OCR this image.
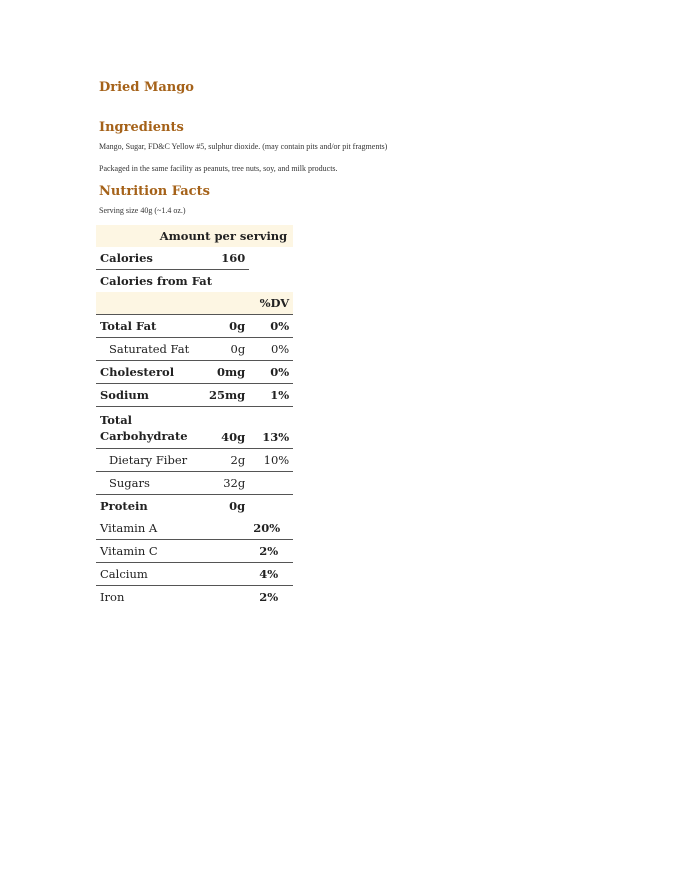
Dried Mango
Ingredients

Mango, Sugar, FD&C Yellow #5, sulphur dioxide. (may contain pits and/or pit fragments)

Packaged in the same facility as peanuts, tree nuts, soy, and milk products.

Nutrition Facts

Serving size 40g (~1.4 oz.)

Amount per serving		
Calories	160	
Calories from Fat		
		%DV
Total Fat	0g	0%
Saturated Fat	0g	0%
Cholesterol	0mg	0%
Sodium	25mg	1%
Total
Carbohydrate	40g	13%
Dietary Fiber	2g	10%
Sugars	32g	
Protein	0g	
Vitamin A		20%
Vitamin C		2%
Calcium		4%
Iron		2%
